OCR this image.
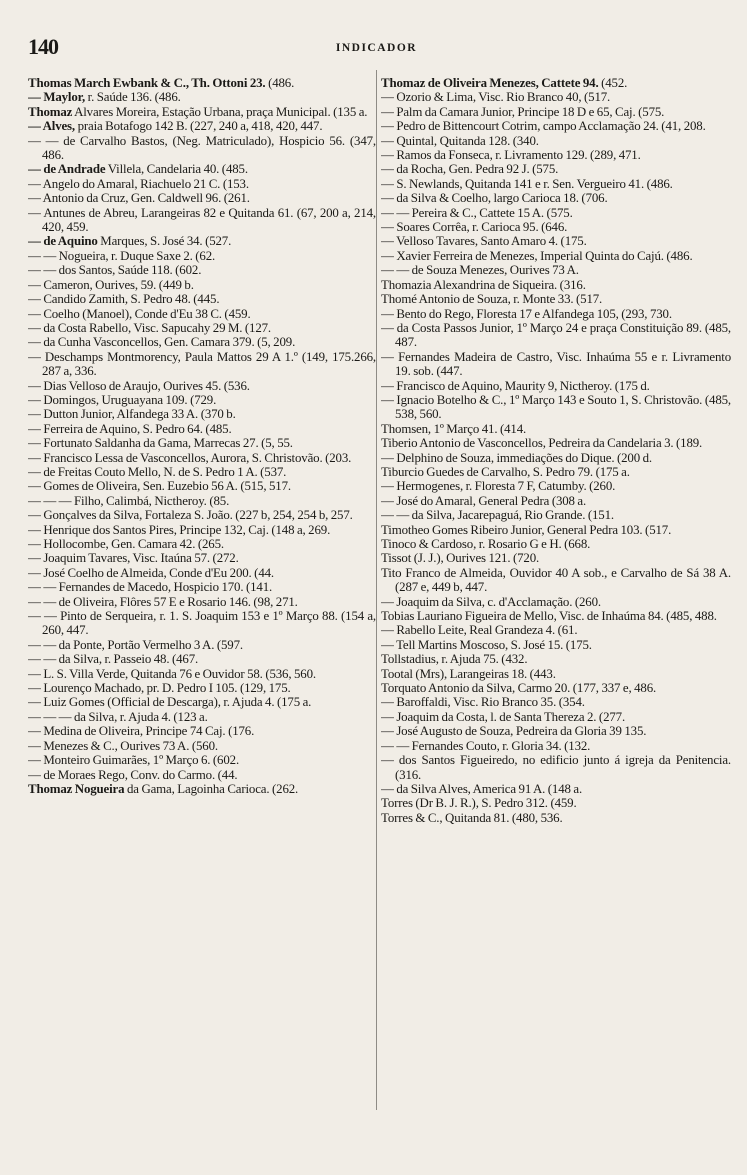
140	INDICADOR
Thomas March Ewbank & C., Th. Ottoni 23. (486.
— Maylor, r. Saúde 136. (486.
Thomaz Alvares Moreira, Estação Urbana, praça Municipal. (135 a.
— Alves, praia Botafogo 142 B. (227, 240 a, 418, 420, 447.
— — de Carvalho Bastos, (Neg. Matriculado), Hospicio 56. (347, 486.
— de Andrade Villela, Candelaria 40. (485.
— Angelo do Amaral, Riachuelo 21 C. (153.
— Antonio da Cruz, Gen. Caldwell 96. (261.
— Antunes de Abreu, Larangeiras 82 e Quitanda 61. (67, 200 a, 214, 420, 459.
— de Aquino Marques, S. José 34. (527.
— — Nogueira, r. Duque Saxe 2. (62.
— — dos Santos, Saúde 118. (602.
— Cameron, Ourives, 59. (449 b.
— Candido Zamith, S. Pedro 48. (445.
— Coelho (Manoel), Conde d'Eu 38 C. (459.
— da Costa Rabello, Visc. Sapucahy 29 M. (127.
— da Cunha Vasconcellos, Gen. Camara 379. (5, 209.
— Deschamps Montmorency, Paula Mattos 29 A 1.º (149, 175.266, 287 a, 336.
— Dias Velloso de Araujo, Ourives 45. (536.
— Domingos, Uruguayana 109. (729.
— Dutton Junior, Alfandega 33 A. (370 b.
— Ferreira de Aquino, S. Pedro 64. (485.
— Fortunato Saldanha da Gama, Marrecas 27. (5, 55.
— Francisco Lessa de Vasconcellos, Aurora, S. Christovão. (203.
— de Freitas Couto Mello, N. de S. Pedro 1 A. (537.
— Gomes de Oliveira, Sen. Euzebio 56 A. (515, 517.
— — — Filho, Calimbá, Nictheroy. (85.
— Gonçalves da Silva, Fortaleza S. João. (227 b, 254, 254 b, 257.
— Henrique dos Santos Pires, Principe 132, Caj. (148 a, 269.
— Hollocombe, Gen. Camara 42. (265.
— Joaquim Tavares, Visc. Itaúna 57. (272.
— José Coelho de Almeida, Conde d'Eu 200. (44.
— — Fernandes de Macedo, Hospicio 170. (141.
— — de Oliveira, Flôres 57 E e Rosario 146. (98, 271.
— — Pinto de Serqueira, r. 1. S. Joaquim 153 e 1º Março 88. (154 a, 260, 447.
— — da Ponte, Portão Vermelho 3 A. (597.
— — da Silva, r. Passeio 48. (467.
— L. S. Villa Verde, Quitanda 76 e Ouvidor 58. (536, 560.
— Lourenço Machado, pr. D. Pedro I 105. (129, 175.
— Luiz Gomes (Official de Descarga), r. Ajuda 4. (175 a.
— — — da Silva, r. Ajuda 4. (123 a.
— Medina de Oliveira, Principe 74 Caj. (176.
— Menezes & C., Ourives 73 A. (560.
— Monteiro Guimarães, 1º Março 6. (602.
— de Moraes Rego, Conv. do Carmo. (44.
Thomaz Nogueira da Gama, Lagoinha Carioca. (262.
Thomaz de Oliveira Menezes, Cattete 94. (452.
— Ozorio & Lima, Visc. Rio Branco 40, (517.
— Palm da Camara Junior, Principe 18 D e 65, Caj. (575.
— Pedro de Bittencourt Cotrim, campo Acclamação 24. (41, 208.
— Quintal, Quitanda 128. (340.
— Ramos da Fonseca, r. Livramento 129. (289, 471.
— da Rocha, Gen. Pedra 92 J. (575.
— S. Newlands, Quitanda 141 e r. Sen. Vergueiro 41. (486.
— da Silva & Coelho, largo Carioca 18. (706.
— — Pereira & C., Cattete 15 A. (575.
— Soares Corrêa, r. Carioca 95. (646.
— Velloso Tavares, Santo Amaro 4. (175.
— Xavier Ferreira de Menezes, Imperial Quinta do Cajú. (486.
— — de Souza Menezes, Ourives 73 A.
Thomazia Alexandrina de Siqueira. (316.
Thomé Antonio de Souza, r. Monte 33. (517.
— Bento do Rego, Floresta 17 e Alfandega 105, (293, 730.
— da Costa Passos Junior, 1º Março 24 e praça Constituição 89. (485, 487.
— Fernandes Madeira de Castro, Visc. Inhaúma 55 e r. Livramento 19. sob. (447.
— Francisco de Aquino, Maurity 9, Nictheroy. (175 d.
— Ignacio Botelho & C., 1º Março 143 e Souto 1, S. Christovão. (485, 538, 560.
Thomsen, 1º Março 41. (414.
Tiberio Antonio de Vasconcellos, Pedreira da Candelaria 3. (189.
— Delphino de Souza, immediações do Dique. (200 d.
Tiburcio Guedes de Carvalho, S. Pedro 79. (175 a.
— Hermogenes, r. Floresta 7 F, Catumby. (260.
— José do Amaral, General Pedra (308 a.
— — da Silva, Jacarepaguá, Rio Grande. (151.
Timotheo Gomes Ribeiro Junior, General Pedra 103. (517.
Tinoco & Cardoso, r. Rosario G e H. (668.
Tissot (J. J.), Ourives 121. (720.
Tito Franco de Almeida, Ouvidor 40 A sob., e Carvalho de Sá 38 A. (287 e, 449 b, 447.
— Joaquim da Silva, c. d'Acclamação. (260.
Tobias Lauriano Figueira de Mello, Visc. de Inhaúma 84. (485, 488.
— Rabello Leite, Real Grandeza 4. (61.
— Tell Martins Moscoso, S. José 15. (175.
Tollstadius, r. Ajuda 75. (432.
Tootal (Mrs), Larangeiras 18. (443.
Torquato Antonio da Silva, Carmo 20. (177, 337 e, 486.
— Baroffaldi, Visc. Rio Branco 35. (354.
— Joaquim da Costa, l. de Santa Thereza 2. (277.
— José Augusto de Souza, Pedreira da Gloria 39 135.
— — Fernandes Couto, r. Gloria 34. (132.
— dos Santos Figueiredo, no edificio junto á igreja da Penitencia. (316.
— da Silva Alves, America 91 A. (148 a.
Torres (Dr B. J. R.), S. Pedro 312. (459.
Torres & C., Quitanda 81. (480, 536.
